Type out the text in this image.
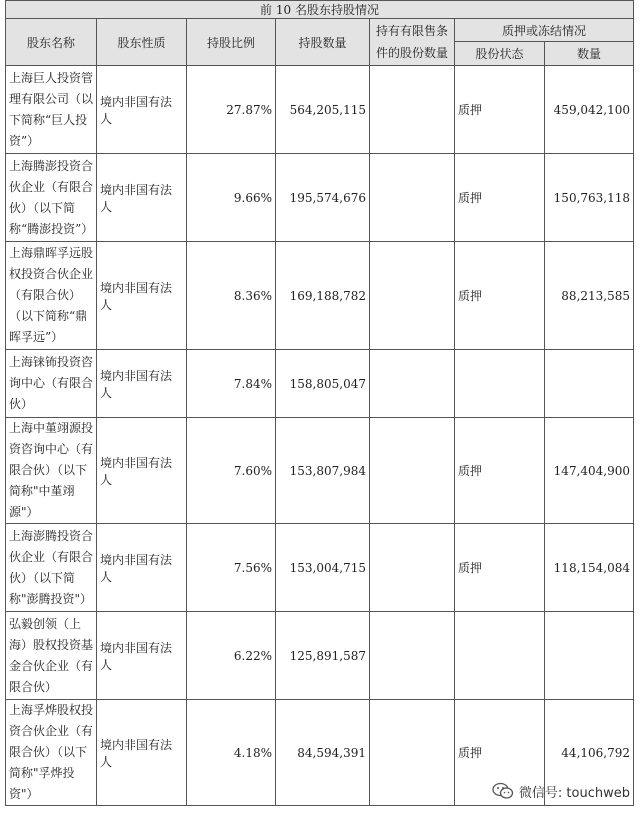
前 10 名股东持股情况						
股东名称	股东性质	持股比例	持股数量	持有有限售条件的股份数量	质押或冻结情况	
					股份状态	数量
上海巨人投资管理有限公司（以下简称“巨人投资”）	境内非国有法人	27.87%	564,205,115		质押	459,042,100
上海腾澎投资合伙企业（有限合伙）（以下简称“腾澎投资”）	境内非国有法人	9.66%	195,574,676		质押	150,763,118
上海鼎晖孚远股权投资合伙企业（有限合伙）（以下简称“鼎晖孚远”）	境内非国有法人	8.36%	169,188,782		质押	88,213,585
上海铼钸投资咨询中心（有限合伙）	境内非国有法人	7.84%	158,805,047			
上海中堇翊源投资咨询中心（有限合伙）（以下简称"中堇翊源"）	境内非国有法人	7.60%	153,807,984		质押	147,404,900
上海澎腾投资合伙企业（有限合伙）（以下简称"澎腾投资"）	境内非国有法人	7.56%	153,004,715		质押	118,154,084
弘毅创领（上海）股权投资基金合伙企业（有限合伙）	境内非国有法人	6.22%	125,891,587			
上海孚烨股权投资合伙企业（有限合伙）（以下简称"孚烨投资"）	境内非国有法人	4.18%	84,594,391		质押	44,106,792
微信号: touchweb
